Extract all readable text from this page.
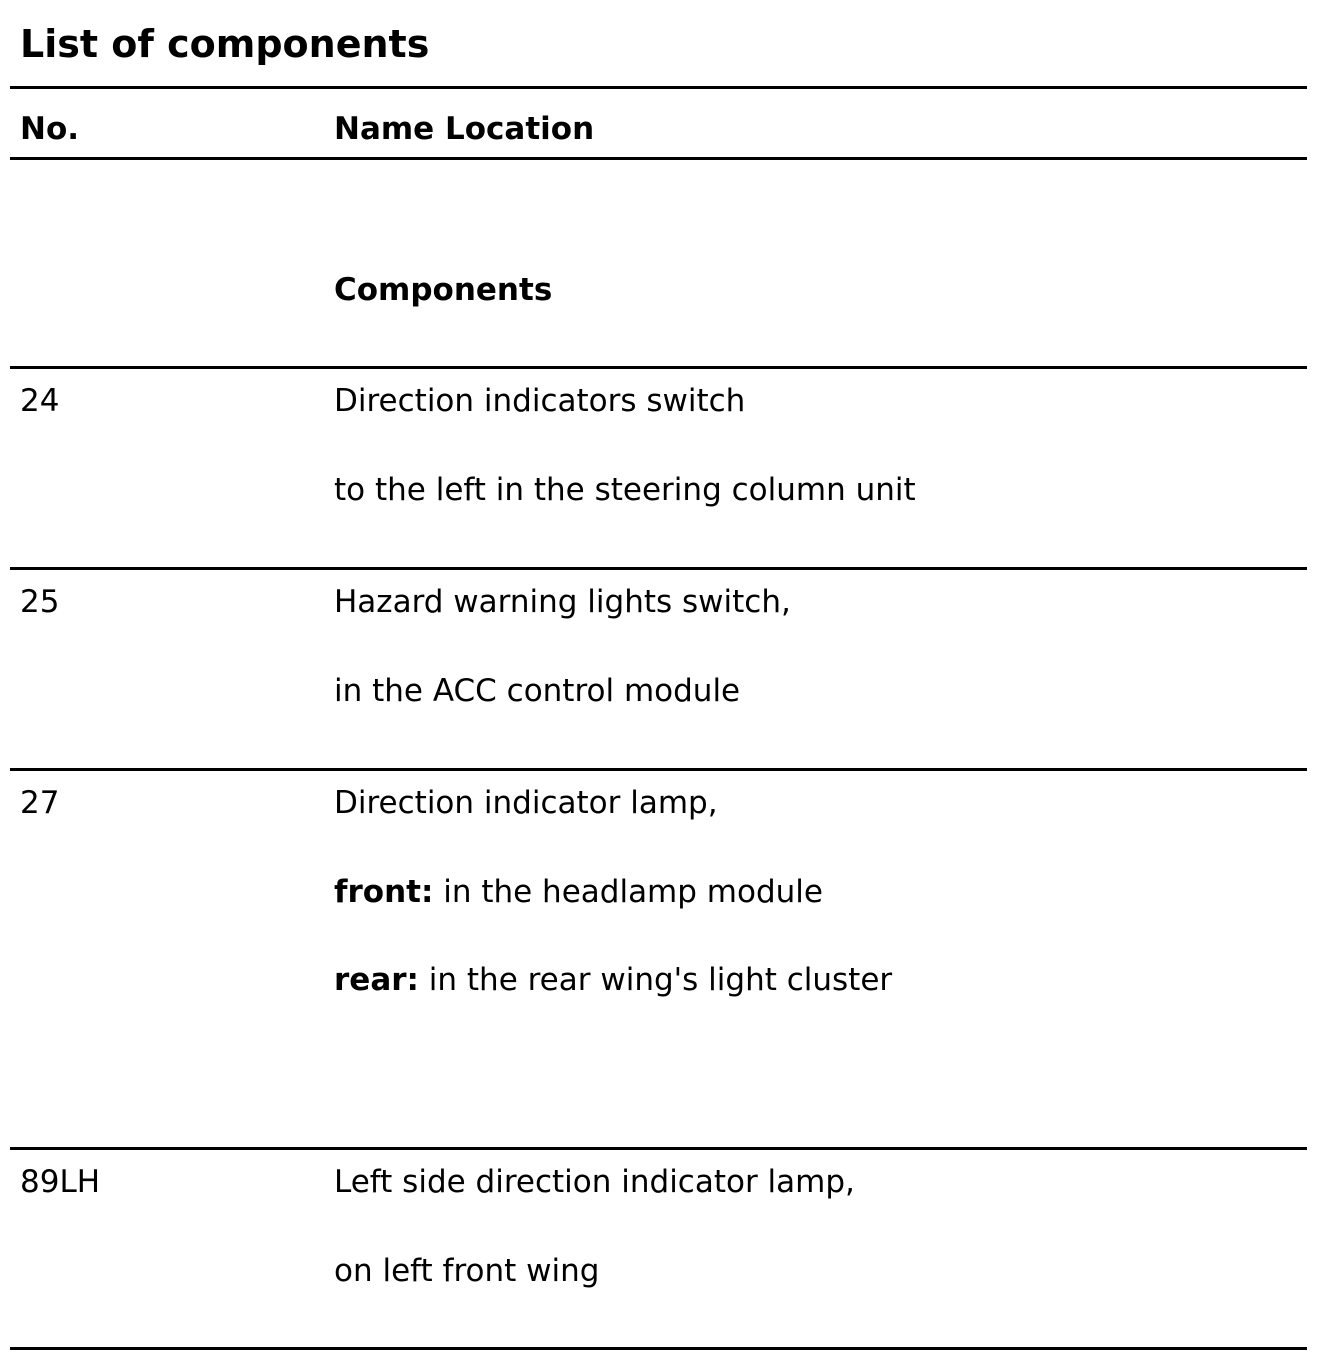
List of components
No.	Name Location
Components
24	Direction indicators switch
to the left in the steering column unit
25	Hazard warning lights switch,
in the ACC control module
27	Direction indicator lamp,
front: in the headlamp module
rear: in the rear wing's light cluster
89LH	Left side direction indicator lamp,
on left front wing
